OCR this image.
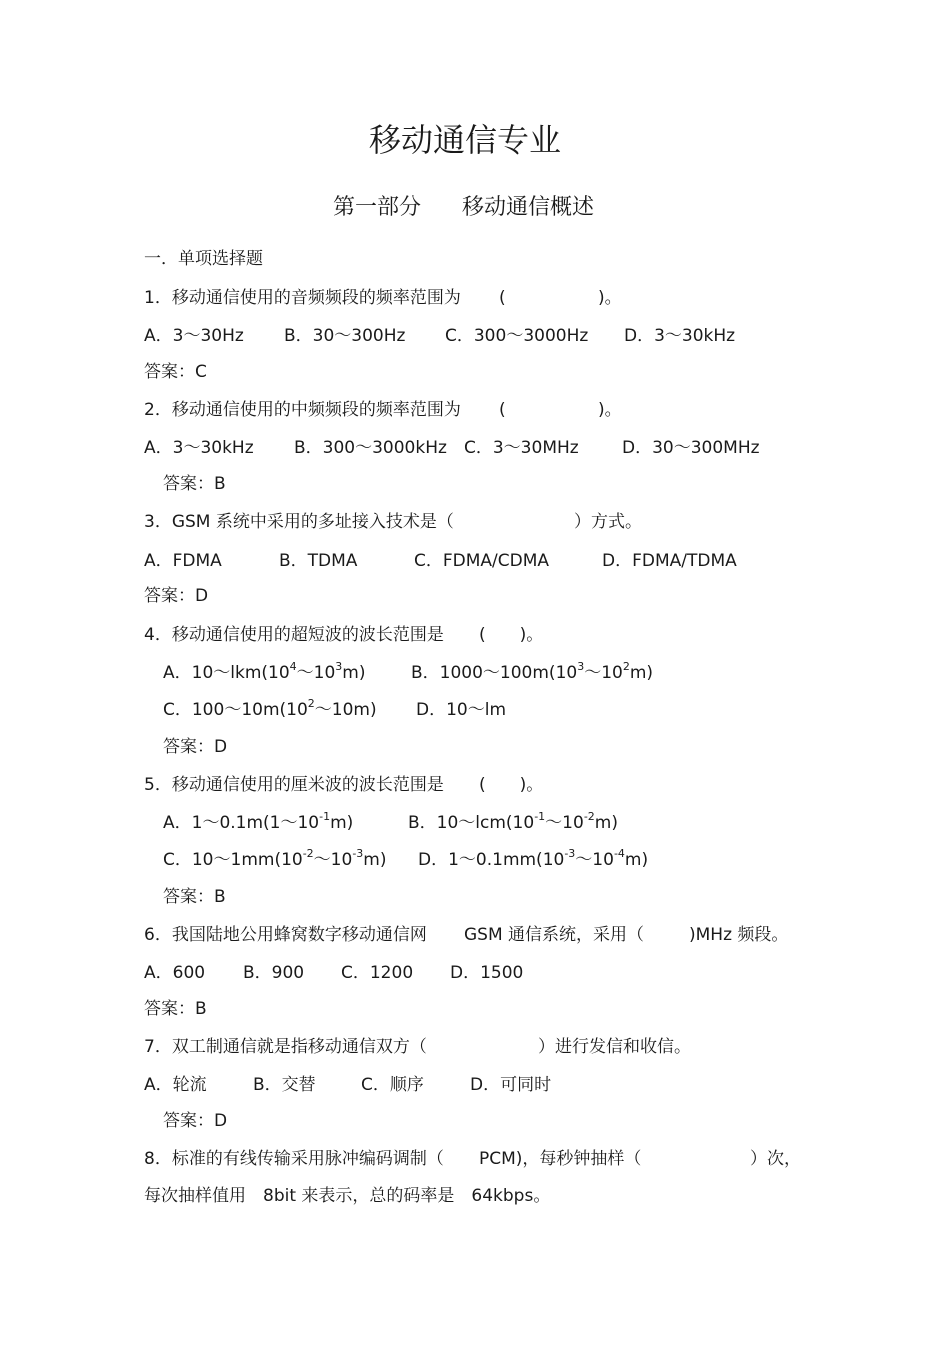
移动通信专业
第一部分 移动通信概述
一．单项选择题
1．移动通信使用的音频频段的频率范围为 (	)。
A．3～30Hz B．30～300Hz C．300～3000Hz D．3～30kHz
答案：C
2．移动通信使用的中频频段的频率范围为 (	)。
A．3～30kHz B．300～3000kHz C．3～30MHz	D．30～300MHz
答案：B
3．GSM 系统中采用的多址接入技术是（	）方式。
A．FDMA	B．TDMA	C．FDMA/CDMA	D．FDMA/TDMA
答案：D
4．移动通信使用的超短波的波长范围是 (　　)。
A．$10\sim lkm(10^4\sim 10^3m)$	B．$1000\sim 100m(10^3\sim 10^2m)$
C．$100\sim 10m(10^2\sim 10m)$ D．10～lm
答案：D
5．移动通信使用的厘米波的波长范围是 (　　)。
A．$1\sim 0.1m(1\sim 10^{-1}m)$	B．$10\sim lcm(10^{-1}\sim 10^{-2}m)$
C．$10\sim 1mm(10^{-2}\sim 10^{-3}m)$ D．$1\sim 0.1mm(10^{-3}\sim 10^{-4}m)$
答案：B
6．我国陆地公用蜂窝数字移动通信网 GSM 通信系统，采用（	)MHz 频段。
A．600 B．900 C．1200 D．1500
答案：B
7．双工制通信就是指移动通信双方（	）进行发信和收信。
A．轮流	B．交替	C．顺序	D．可同时
答案：D
8．标准的有线传输采用脉冲编码调制（ PCM)，每秒钟抽样（	）次，
每次抽样值用　8bit 来表示，总的码率是　64kbps。
